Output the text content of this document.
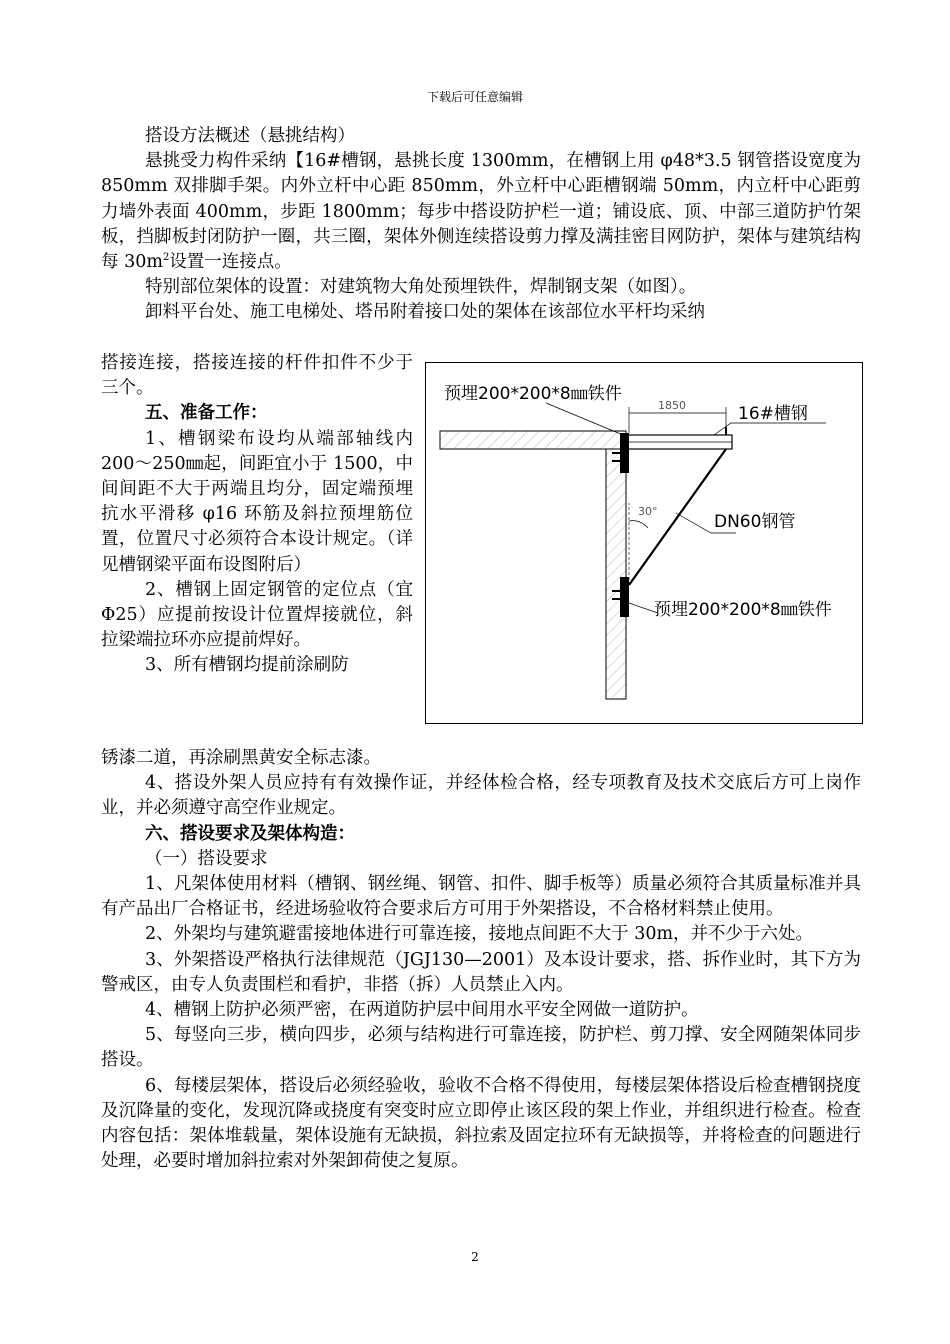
下载后可任意编辑

搭设方法概述（悬挑结构）

悬挑受力构件采纳【16#槽钢，悬挑长度 1300mm，在槽钢上用 φ48*3.5 钢管搭设宽度为 850mm 双排脚手架。内外立杆中心距 850mm，外立杆中心距槽钢端 50mm，内立杆中心距剪力墙外表面 400mm，步距 1800mm；每步中搭设防护栏一道；铺设底、顶、中部三道防护竹架板，挡脚板封闭防护一圈，共三圈，架体外侧连续搭设剪力撑及满挂密目网防护，架体与建筑结构每 $30m^2$设置一连接点。

特别部位架体的设置：对建筑物大角处预埋铁件，焊制钢支架（如图）。

卸料平台处、施工电梯处、塔吊附着接口处的架体在该部位水平杆均采纳

搭接连接，搭接连接的杆件扣件不少于三个。

五、准备工作：

1、槽钢梁布设均从端部轴线内 200～250㎜起，间距宜小于 1500，中间间距不大于两端且均分，固定端预埋抗水平滑移 φ16 环筋及斜拉预埋筋位置，位置尺寸必须符合本设计规定。（详见槽钢梁平面布设图附后）

2、槽钢上固定钢管的定位点（宜 Φ25）应提前按设计位置焊接就位，斜拉梁端拉环亦应提前焊好。

3、所有槽钢均提前涂刷防

锈漆二道，再涂刷黑黄安全标志漆。

4、搭设外架人员应持有有效操作证，并经体检合格，经专项教育及技术交底后方可上岗作业，并必须遵守高空作业规定。

六、搭设要求及架体构造：

（一）搭设要求

1、凡架体使用材料（槽钢、钢丝绳、钢管、扣件、脚手板等）质量必须符合其质量标准并具有产品出厂合格证书，经进场验收符合要求后方可用于外架搭设，不合格材料禁止使用。

2、外架均与建筑避雷接地体进行可靠连接，接地点间距不大于 30m，并不少于六处。

3、外架搭设严格执行法律规范（JGJ130—2001）及本设计要求，搭、拆作业时，其下方为警戒区，由专人负责围栏和看护，非搭（拆）人员禁止入内。

4、槽钢上防护必须严密，在两道防护层中间用水平安全网做一道防护。

5、每竖向三步，横向四步，必须与结构进行可靠连接，防护栏、剪刀撑、安全网随架体同步搭设。

6、每楼层架体，搭设后必须经验收，验收不合格不得使用，每楼层架体搭设后检查槽钢挠度及沉降量的变化，发现沉降或挠度有突变时应立即停止该区段的架上作业，并组织进行检查。检查内容包括：架体堆载量，架体设施有无缺损，斜拉索及固定拉环有无缺损等，并将检查的问题进行处理，必要时增加斜拉索对外架卸荷使之复原。

预埋200*200*8㎜铁件
1850	16#槽钢
30°
DN60钢管
预埋200*200*8㎜铁件
2
